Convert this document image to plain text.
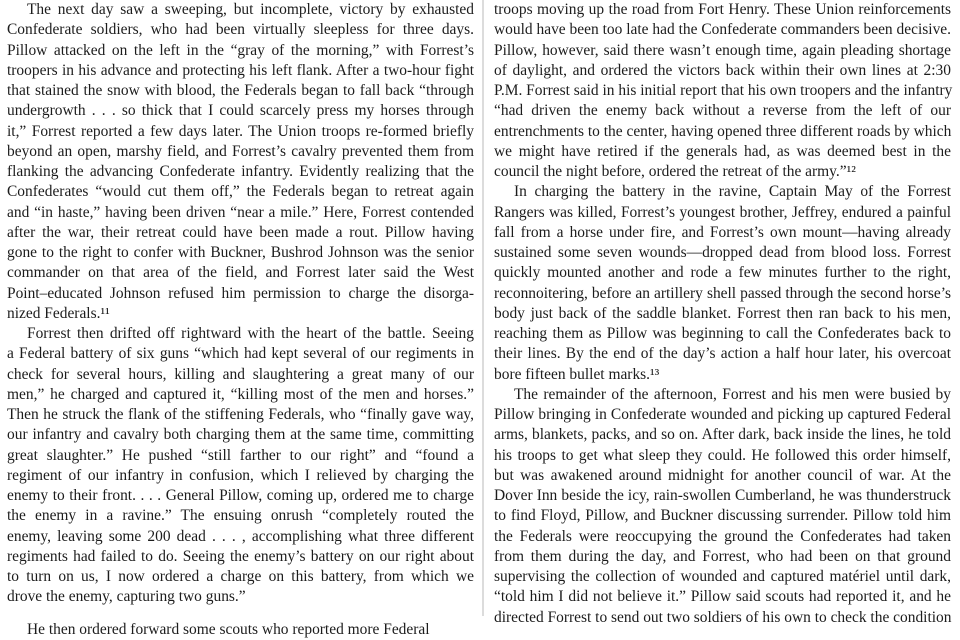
The next day saw a sweeping, but incomplete, victory by exhausted
Confederate soldiers, who had been virtually sleepless for three days.
Pillow attacked on the left in the “gray of the morning,” with Forrest’s
troopers in his advance and protecting his left flank. After a two-hour fight
that stained the snow with blood, the Federals began to fall back “through
undergrowth . . . so thick that I could scarcely press my horses through
it,” Forrest reported a few days later. The Union troops re-formed briefly
beyond an open, marshy field, and Forrest’s cavalry prevented them from
flanking the advancing Confederate infantry. Evidently realizing that the
Confederates “would cut them off,” the Federals began to retreat again
and “in haste,” having been driven “near a mile.” Here, Forrest contended
after the war, their retreat could have been made a rout. Pillow having
gone to the right to confer with Buckner, Bushrod Johnson was the senior
commander on that area of the field, and Forrest later said the West
Point–educated Johnson refused him permission to charge the disorga-
nized Federals.¹¹
Forrest then drifted off rightward with the heart of the battle. Seeing
a Federal battery of six guns “which had kept several of our regiments in
check for several hours, killing and slaughtering a great many of our
men,” he charged and captured it, “killing most of the men and horses.”
Then he struck the flank of the stiffening Federals, who “finally gave way,
our infantry and cavalry both charging them at the same time, committing
great slaughter.” He pushed “still farther to our right” and “found a
regiment of our infantry in confusion, which I relieved by charging the
enemy to their front. . . . General Pillow, coming up, ordered me to charge
the enemy in a ravine.” The ensuing onrush “completely routed the
enemy, leaving some 200 dead . . . , accomplishing what three different
regiments had failed to do. Seeing the enemy’s battery on our right about
to turn on us, I now ordered a charge on this battery, from which we
drove the enemy, capturing two guns.”
He then ordered forward some scouts who reported more Federal
troops moving up the road from Fort Henry. These Union reinforcements
would have been too late had the Confederate commanders been decisive.
Pillow, however, said there wasn’t enough time, again pleading shortage
of daylight, and ordered the victors back within their own lines at 2:30
P.M. Forrest said in his initial report that his own troopers and the infantry
“had driven the enemy back without a reverse from the left of our
entrenchments to the center, having opened three different roads by which
we might have retired if the generals had, as was deemed best in the
council the night before, ordered the retreat of the army.”¹²
In charging the battery in the ravine, Captain May of the Forrest
Rangers was killed, Forrest’s youngest brother, Jeffrey, endured a painful
fall from a horse under fire, and Forrest’s own mount—having already
sustained some seven wounds—dropped dead from blood loss. Forrest
quickly mounted another and rode a few minutes further to the right,
reconnoitering, before an artillery shell passed through the second horse’s
body just back of the saddle blanket. Forrest then ran back to his men,
reaching them as Pillow was beginning to call the Confederates back to
their lines. By the end of the day’s action a half hour later, his overcoat
bore fifteen bullet marks.¹³
The remainder of the afternoon, Forrest and his men were busied by
Pillow bringing in Confederate wounded and picking up captured Federal
arms, blankets, packs, and so on. After dark, back inside the lines, he told
his troops to get what sleep they could. He followed this order himself,
but was awakened around midnight for another council of war. At the
Dover Inn beside the icy, rain-swollen Cumberland, he was thunderstruck
to find Floyd, Pillow, and Buckner discussing surrender. Pillow told him
the Federals were reoccupying the ground the Confederates had taken
from them during the day, and Forrest, who had been on that ground
supervising the collection of wounded and captured matériel until dark,
“told him I did not believe it.” Pillow said scouts had reported it, and he
directed Forrest to send out two soldiers of his own to check the condition
